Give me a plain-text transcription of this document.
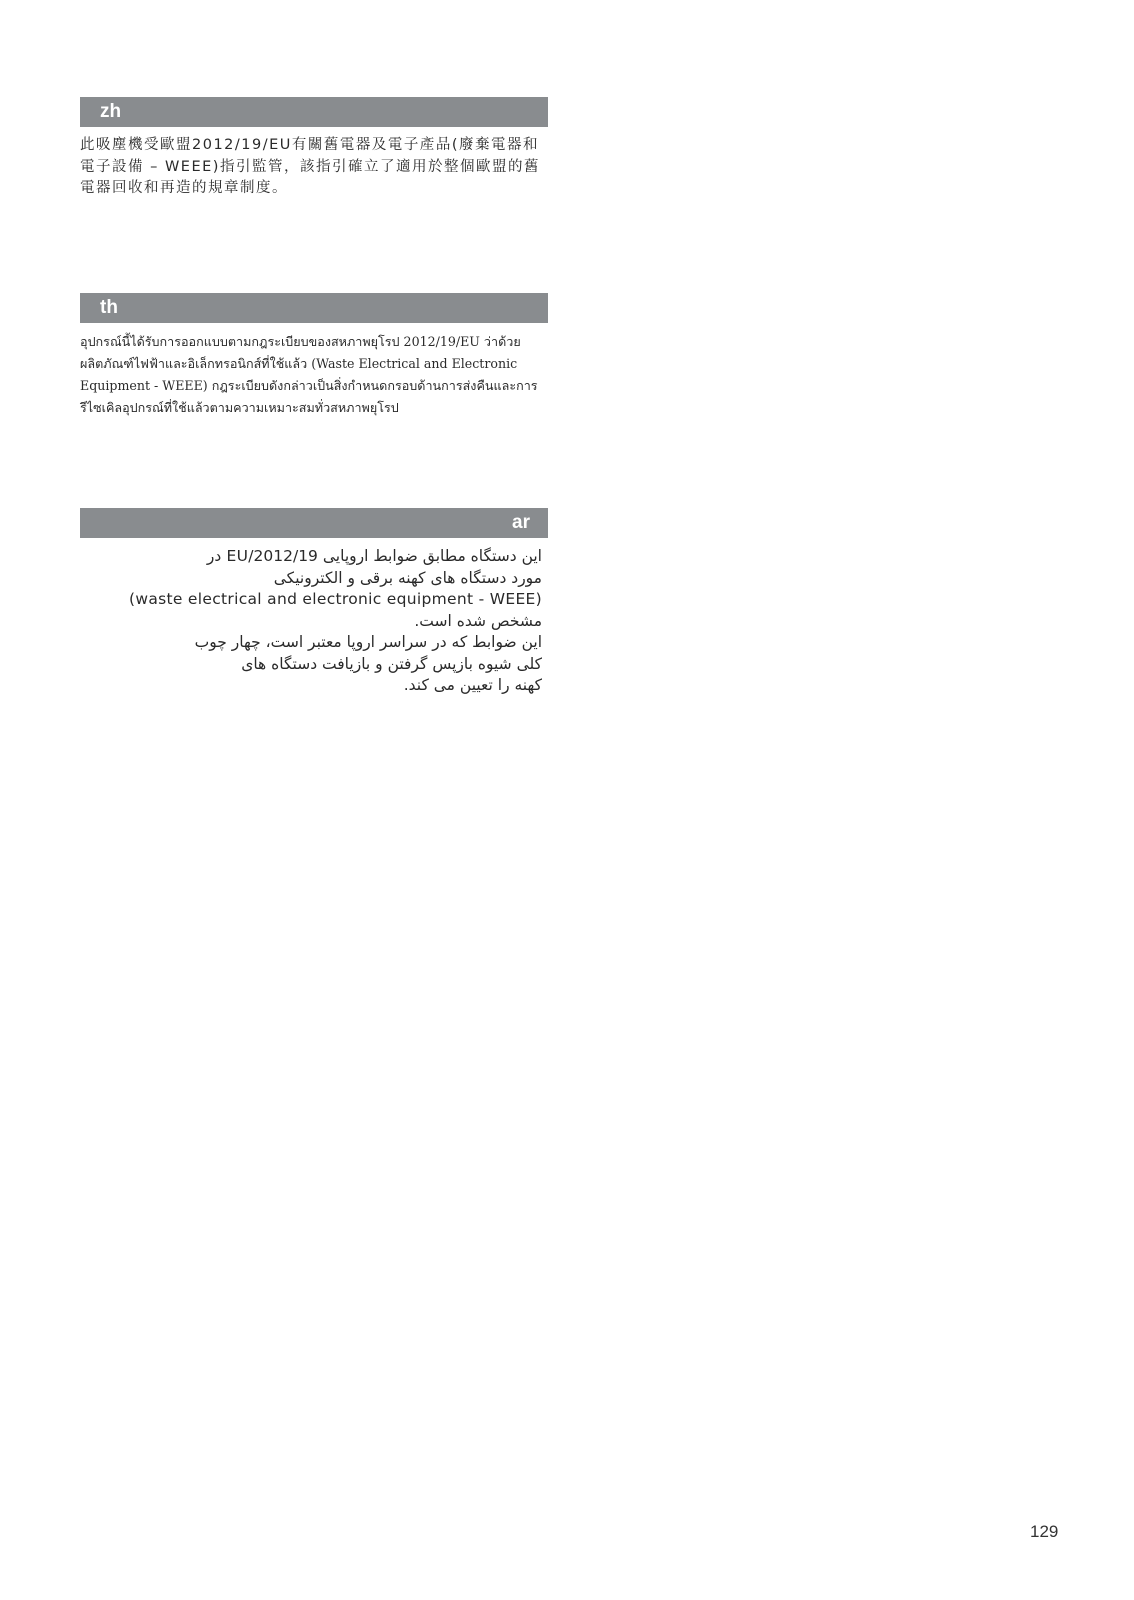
zh

此吸塵機受歐盟2012/19/EU有關舊電器及電子產品(廢棄電器和電子設備 – WEEE)指引監管，該指引確立了適用於整個歐盟的舊電器回收和再造的規章制度。

th

อุปกรณ์นี้ได้รับการออกแบบตามกฎระเบียบของสหภาพยุโรป 2012/19/EU ว่าด้วยผลิตภัณฑ์ไฟฟ้าและอิเล็กทรอนิกส์ที่ใช้แล้ว (Waste Electrical and Electronic Equipment - WEEE) กฎระเบียบดังกล่าวเป็นสิ่งกำหนดกรอบด้านการส่งคืนและการรีไซเคิลอุปกรณ์ที่ใช้แล้วตามความเหมาะสมทั่วสหภาพยุโรป

ar
این دستگاه مطابق ضوابط اروپایی 2012/19/EU در
مورد دستگاه های کهنه برقی و الکترونیکی
(waste electrical and electronic equipment - WEEE)
مشخص شده است.
این ضوابط که در سراسر اروپا معتبر است، چهار چوب
کلی شیوه بازپس گرفتن و بازیافت دستگاه های
کهنه را تعیین می کند.
129
